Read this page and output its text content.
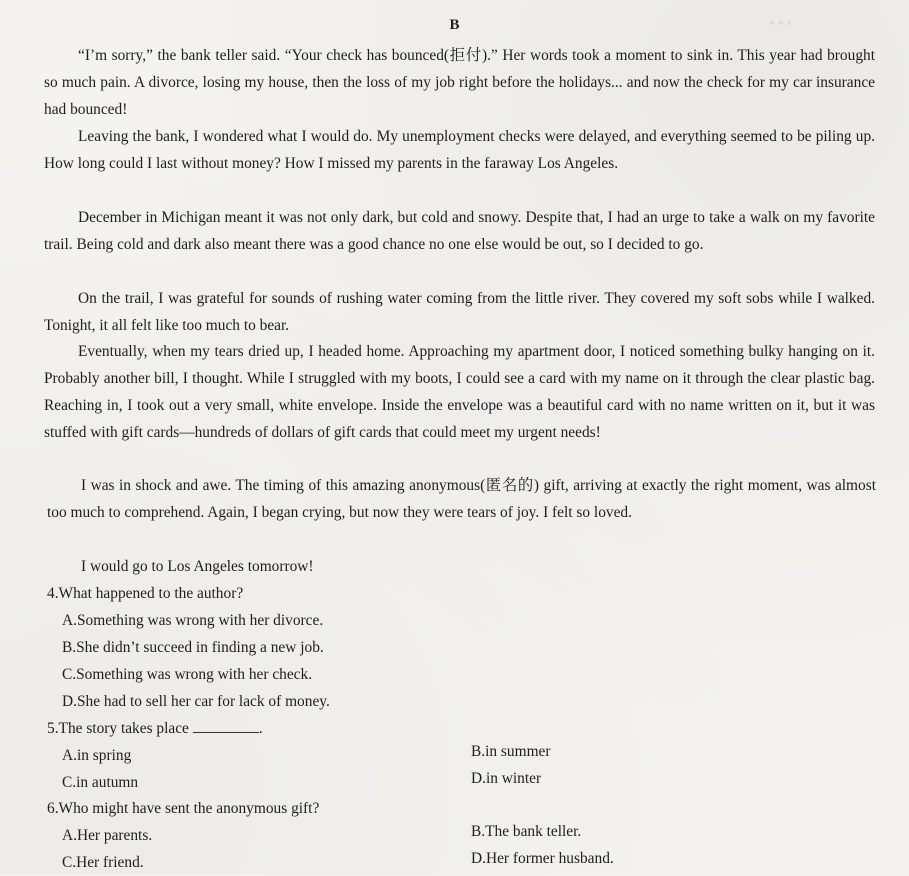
▪ ▪ ▪
B

“I’m sorry,” the bank teller said. “Your check has bounced(拒付).” Her words took a moment to sink in. This year had brought so much pain. A divorce, losing my house, then the loss of my job right before the holidays... and now the check for my car insurance had bounced!

Leaving the bank, I wondered what I would do. My unemployment checks were delayed, and everything seemed to be piling up. How long could I last without money? How I missed my parents in the faraway Los Angeles.

December in Michigan meant it was not only dark, but cold and snowy. Despite that, I had an urge to take a walk on my favorite trail. Being cold and dark also meant there was a good chance no one else would be out, so I decided to go.

On the trail, I was grateful for sounds of rushing water coming from the little river. They covered my soft sobs while I walked. Tonight, it all felt like too much to bear.

Eventually, when my tears dried up, I headed home. Approaching my apartment door, I noticed something bulky hanging on it. Probably another bill, I thought. While I struggled with my boots, I could see a card with my name on it through the clear plastic bag. Reaching in, I took out a very small, white envelope. Inside the envelope was a beautiful card with no name written on it, but it was stuffed with gift cards—hundreds of dollars of gift cards that could meet my urgent needs!

I was in shock and awe. The timing of this amazing anonymous(匿名的) gift, arriving at exactly the right moment, was almost too much to comprehend. Again, I began crying, but now they were tears of joy. I felt so loved.

I would go to Los Angeles tomorrow!

4.What happened to the author?

A.Something was wrong with her divorce.

B.She didn’t succeed in finding a new job.

C.Something was wrong with her check.

D.She had to sell her car for lack of money.

5.The story takes place	.

A.in spring	B.in summer

C.in autumn	D.in winter

6.Who might have sent the anonymous gift?

A.Her parents.	B.The bank teller.

C.Her friend.	D.Her former husband.
